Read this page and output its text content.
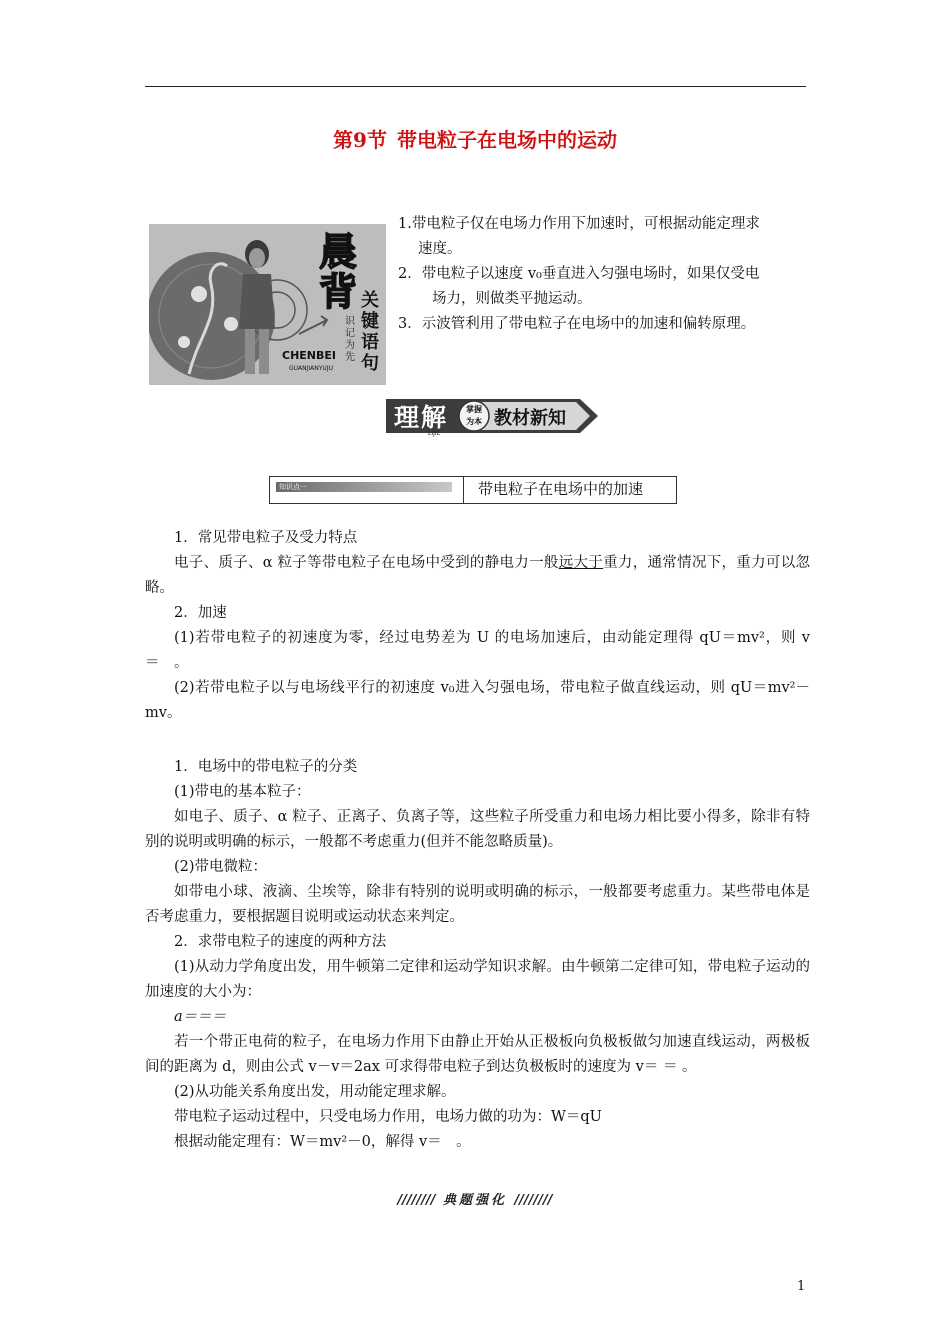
第9节 带电粒子在电场中的运动
晨
背 关键语句
识记为先
CHENBEI
GUANJIANYUJU

1.带电粒子仅在电场力作用下加速时，可根据动能定理求

速度。

2．带电粒子以速度 v₀垂直进入匀强电场时，如果仅受电

场力，则做类平抛运动。

3．示波管利用了带电粒子在电场中的加速和偏转原理。

理解
LIJIE
掌握
为本 教材新知
知识点一	带电粒子在电场中的加速

1．常见带电粒子及受力特点

电子、质子、α 粒子等带电粒子在电场中受到的静电力一般远大于重力，通常情况下，重力可以忽略。

2．加速

(1)若带电粒子的初速度为零，经过电势差为 U 的电场加速后，由动能定理得 qU＝mv²，则 v＝　。

(2)若带电粒子以与电场线平行的初速度 v₀进入匀强电场，带电粒子做直线运动，则 qU＝mv²－mv。

1．电场中的带电粒子的分类

(1)带电的基本粒子：

如电子、质子、α 粒子、正离子、负离子等，这些粒子所受重力和电场力相比要小得多，除非有特别的说明或明确的标示，一般都不考虑重力(但并不能忽略质量)。

(2)带电微粒：

如带电小球、液滴、尘埃等，除非有特别的说明或明确的标示，一般都要考虑重力。某些带电体是否考虑重力，要根据题目说明或运动状态来判定。

2．求带电粒子的速度的两种方法

(1)从动力学角度出发，用牛顿第二定律和运动学知识求解。由牛顿第二定律可知，带电粒子运动的加速度的大小为：

a＝＝＝

若一个带正电荷的粒子，在电场力作用下由静止开始从正极板向负极板做匀加速直线运动，两极板间的距离为 d，则由公式 v－v＝2ax 可求得带电粒子到达负极板时的速度为 v＝ ＝ 。

(2)从功能关系角度出发，用动能定理求解。

带电粒子运动过程中，只受电场力作用，电场力做的功为：W＝qU

根据动能定理有：W＝mv²－0，解得 v＝　。

//////// 典题强化 ////////
1
